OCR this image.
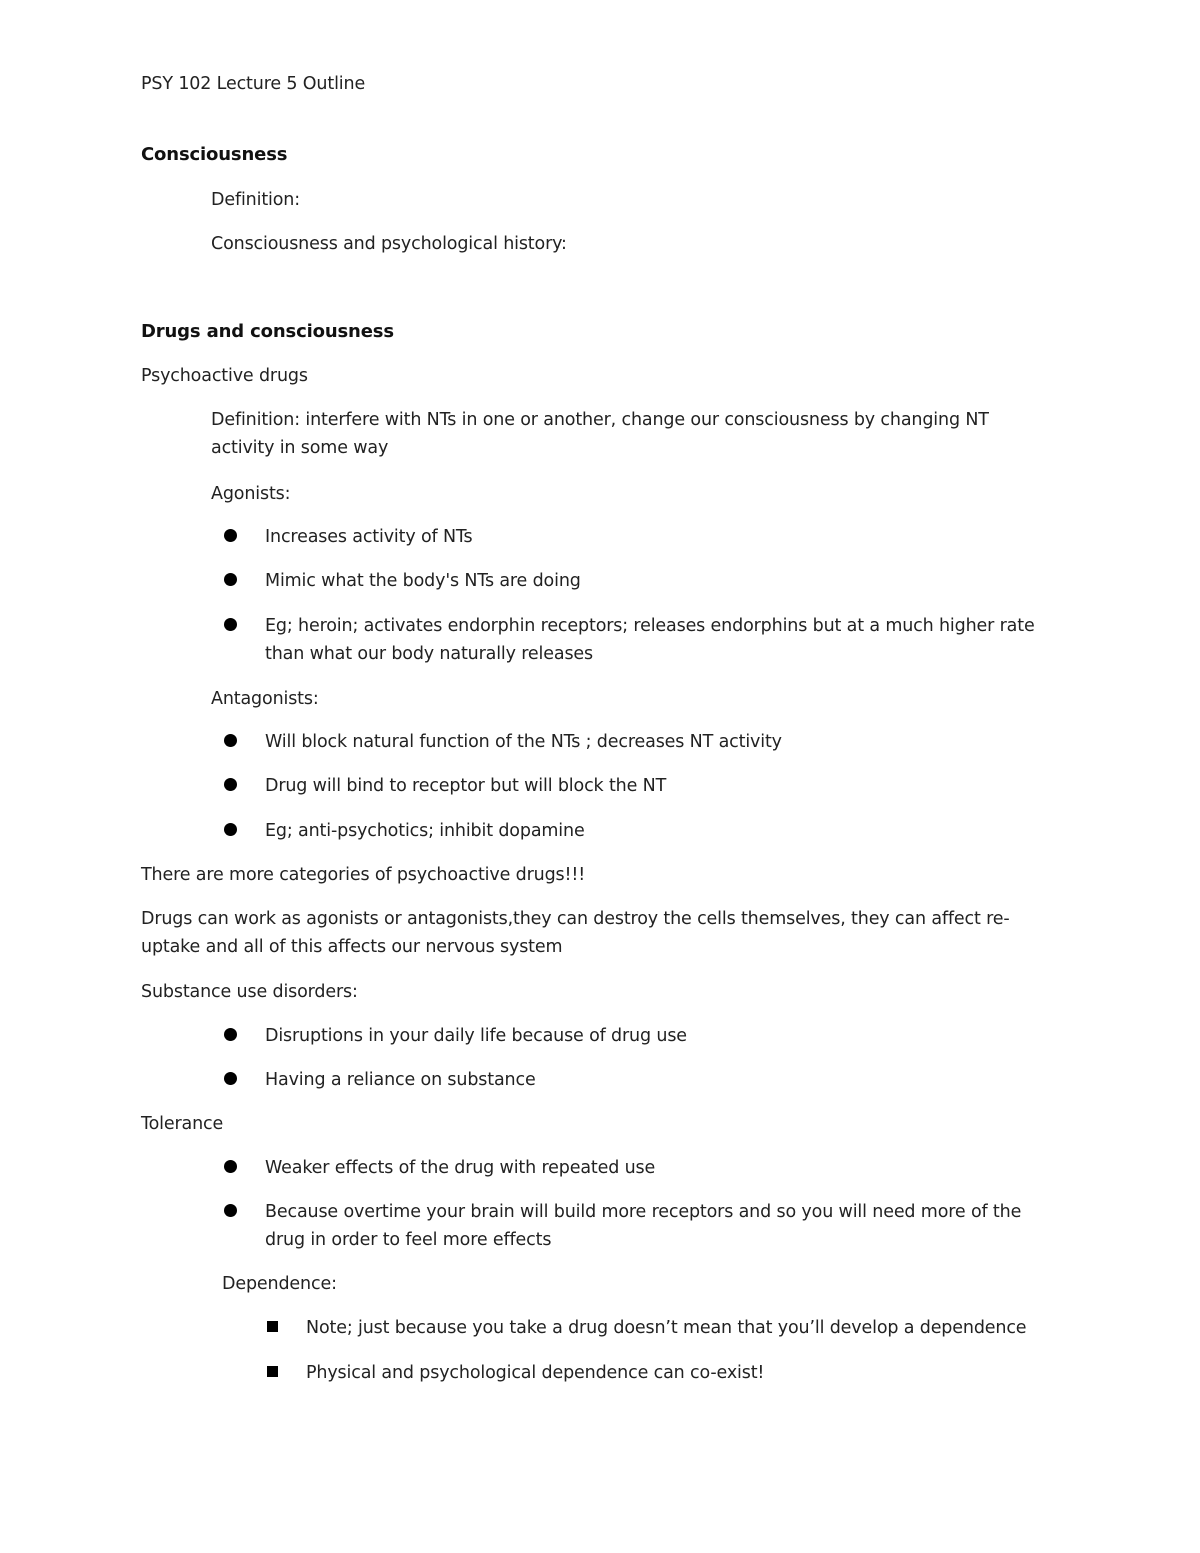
PSY 102 Lecture 5 Outline
Consciousness
Definition:
Consciousness and psychological history:
Drugs and consciousness
Psychoactive drugs
Definition: interfere with NTs in one or another, change our consciousness by changing NT activity in some way
Agonists:
Increases activity of NTs
Mimic what the body's NTs are doing
Eg; heroin; activates endorphin receptors; releases endorphins but at a much higher rate than what our body naturally releases
Antagonists:
Will block natural function of the NTs ; decreases NT activity
Drug will bind to receptor but will block the NT
Eg; anti-psychotics; inhibit dopamine
There are more categories of psychoactive drugs!!!
Drugs can work as agonists or antagonists,they can destroy the cells themselves, they can affect re-uptake and all of this affects our nervous system
Substance use disorders:
Disruptions in your daily life because of drug use
Having a reliance on substance
Tolerance
Weaker effects of the drug with repeated use
Because overtime your brain will build more receptors and so you will need more of the drug in order to feel more effects
Dependence:
Note; just because you take a drug doesn’t mean that you’ll develop a dependence
Physical and psychological dependence can co-exist!
